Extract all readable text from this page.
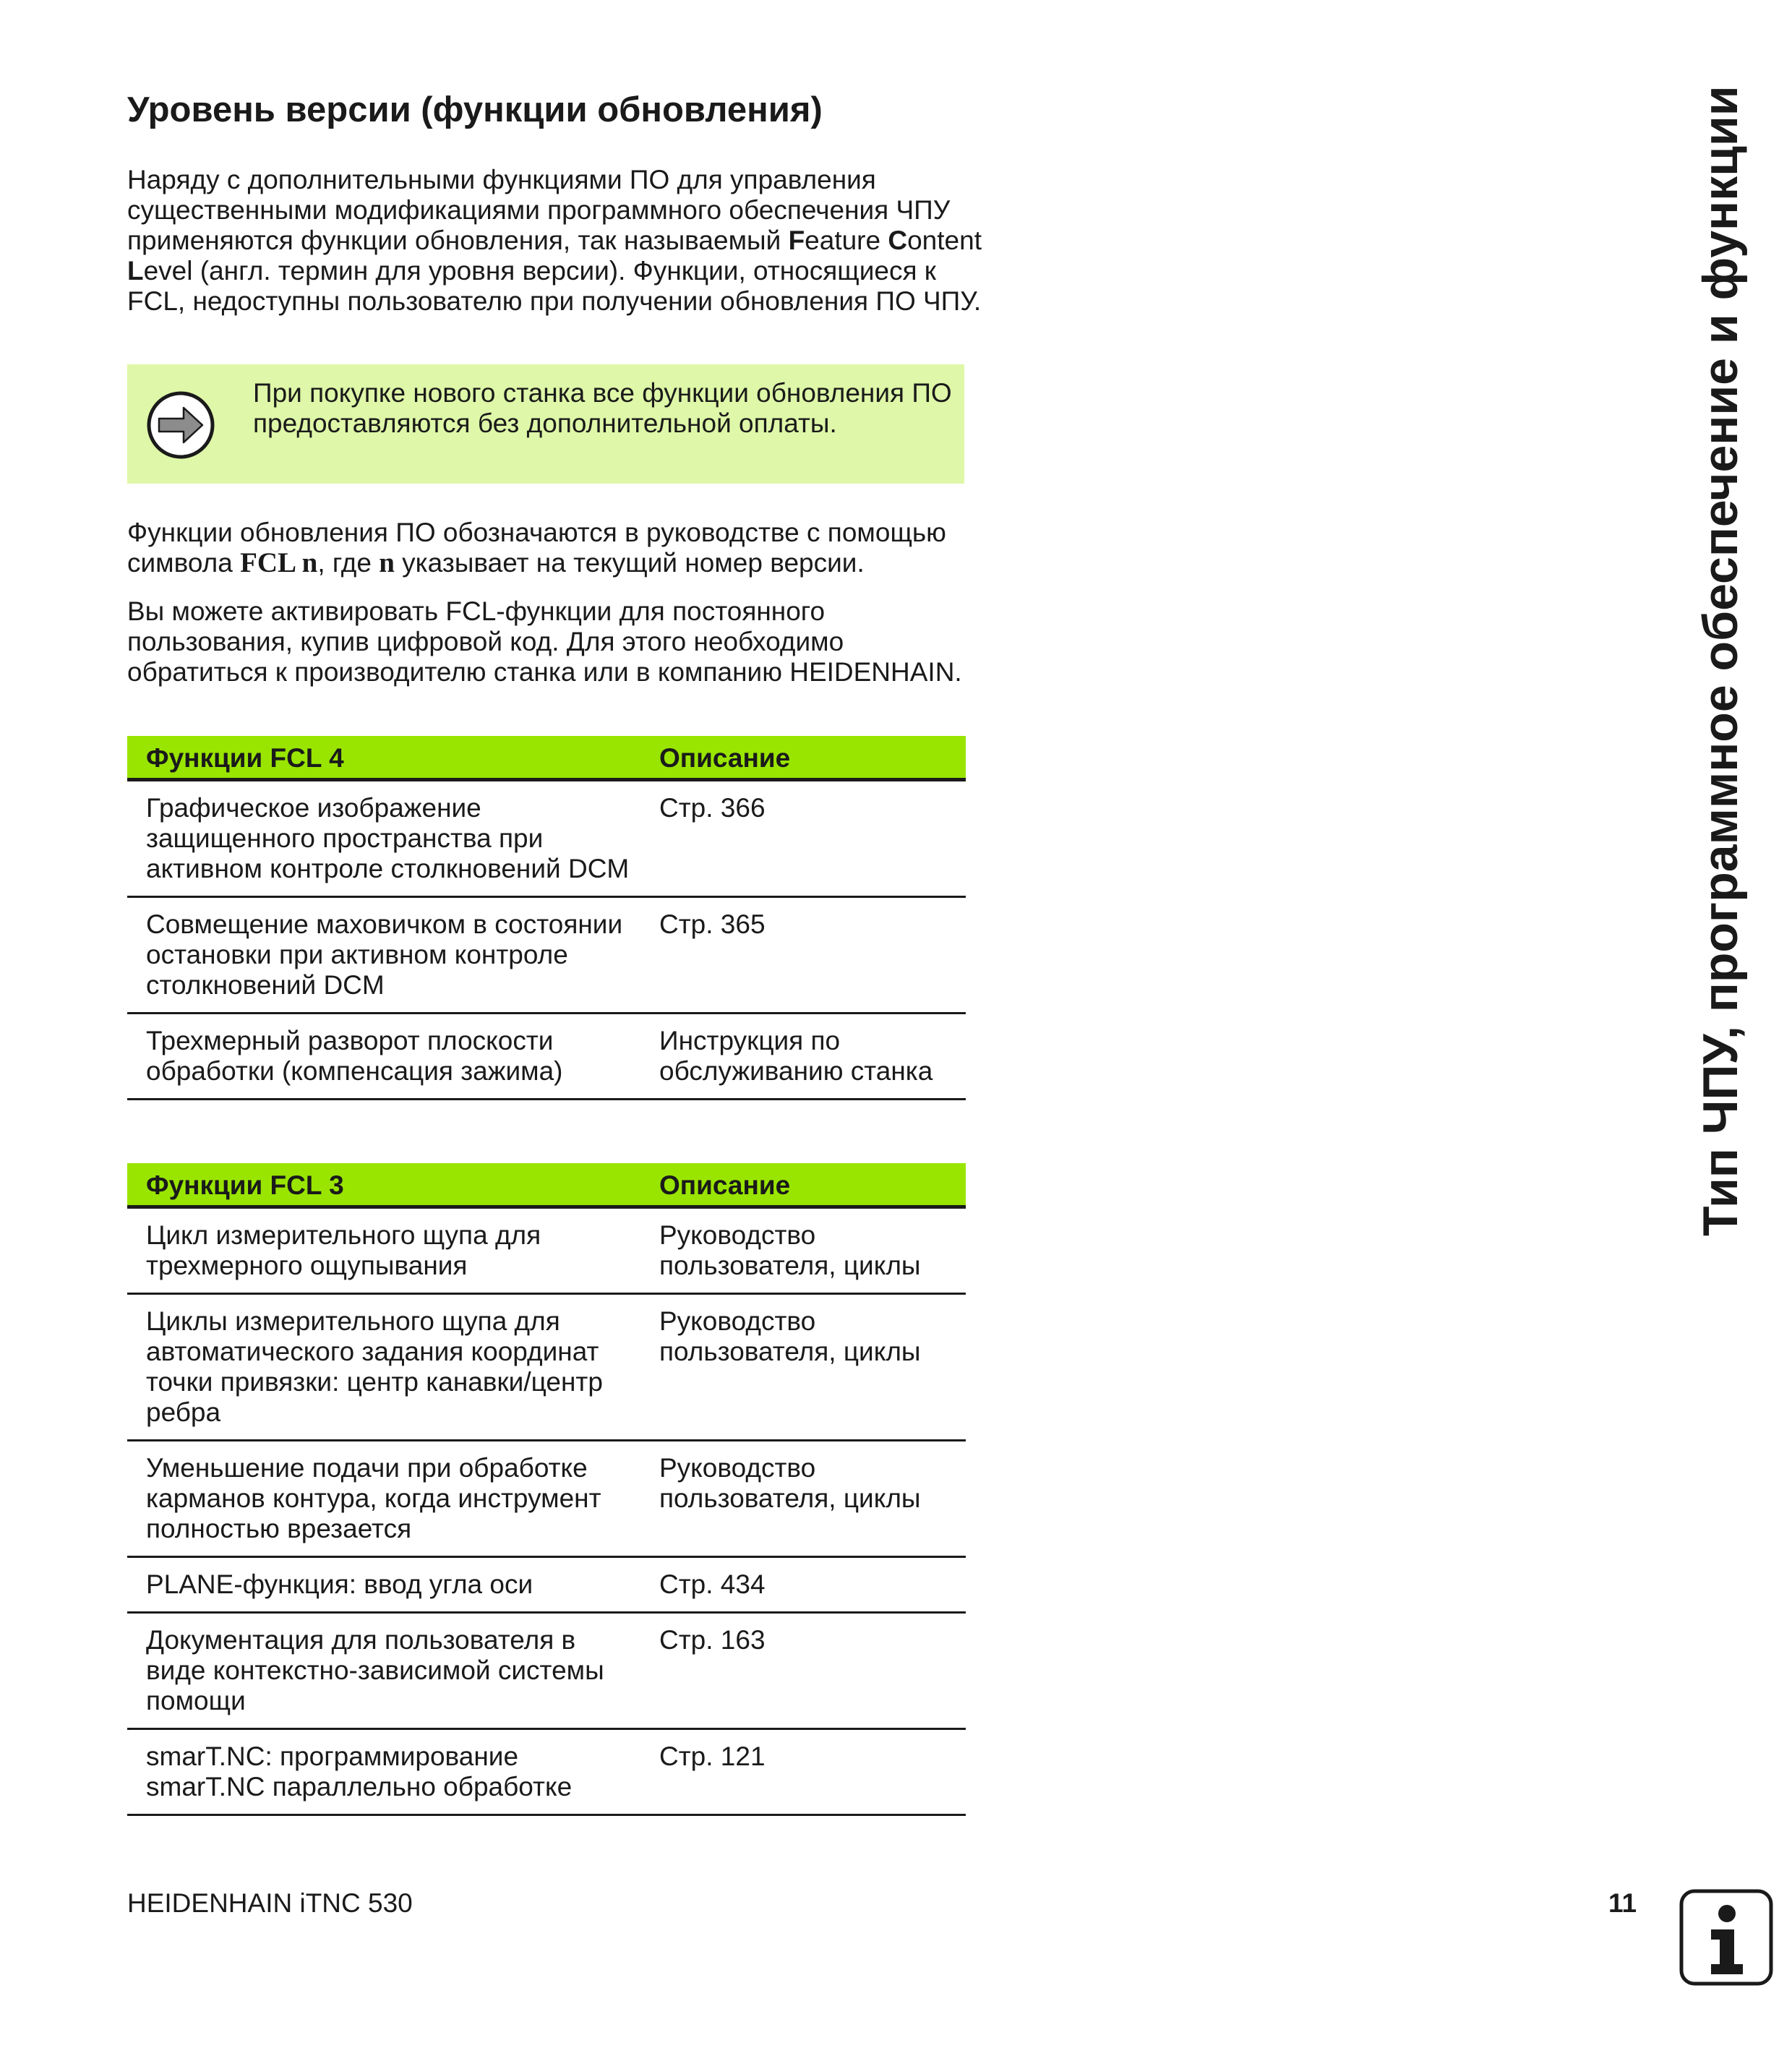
Уровень версии (функции обновления)

Наряду с дополнительными функциями ПО для управления существенными модификациями программного обеспечения ЧПУ применяются функции обновления, так называемый Feature Content Level (англ. термин для уровня версии). Функции, относящиеся к FCL, недоступны пользователю при получении обновления ПО ЧПУ.

При покупке нового станка все функции обновления ПО предоставляются без дополнительной оплаты.

Функции обновления ПО обозначаются в руководстве с помощью символа FCL n, где n указывает на текущий номер версии.

Вы можете активировать FCL-функции для постоянного пользования, купив цифровой код. Для этого необходимо обратиться к производителю станка или в компанию HEIDENHAIN.

Функции FCL 4	Описание
Графическое изображение защищенного пространства при активном контроле столкновений DCM	Стр. 366
Совмещение маховичком в состоянии остановки при активном контроле столкновений DCM	Стр. 365
Трехмерный разворот плоскости обработки (компенсация зажима)	Инструкция по обслуживанию станка
Функции FCL 3	Описание
Цикл измерительного щупа для трехмерного ощупывания	Руководство пользователя, циклы
Циклы измерительного щупа для автоматического задания координат точки привязки: центр канавки/центр ребра	Руководство пользователя, циклы
Уменьшение подачи при обработке карманов контура, когда инструмент полностью врезается	Руководство пользователя, циклы
PLANE-функция: ввод угла оси	Стр. 434
Документация для пользователя в виде контекстно-зависимой системы помощи	Стр. 163
smarT.NC: программирование smarT.NC параллельно обработке	Стр. 121
Тип ЧПУ, программное обеспечение и функции
HEIDENHAIN iTNC 530	11
